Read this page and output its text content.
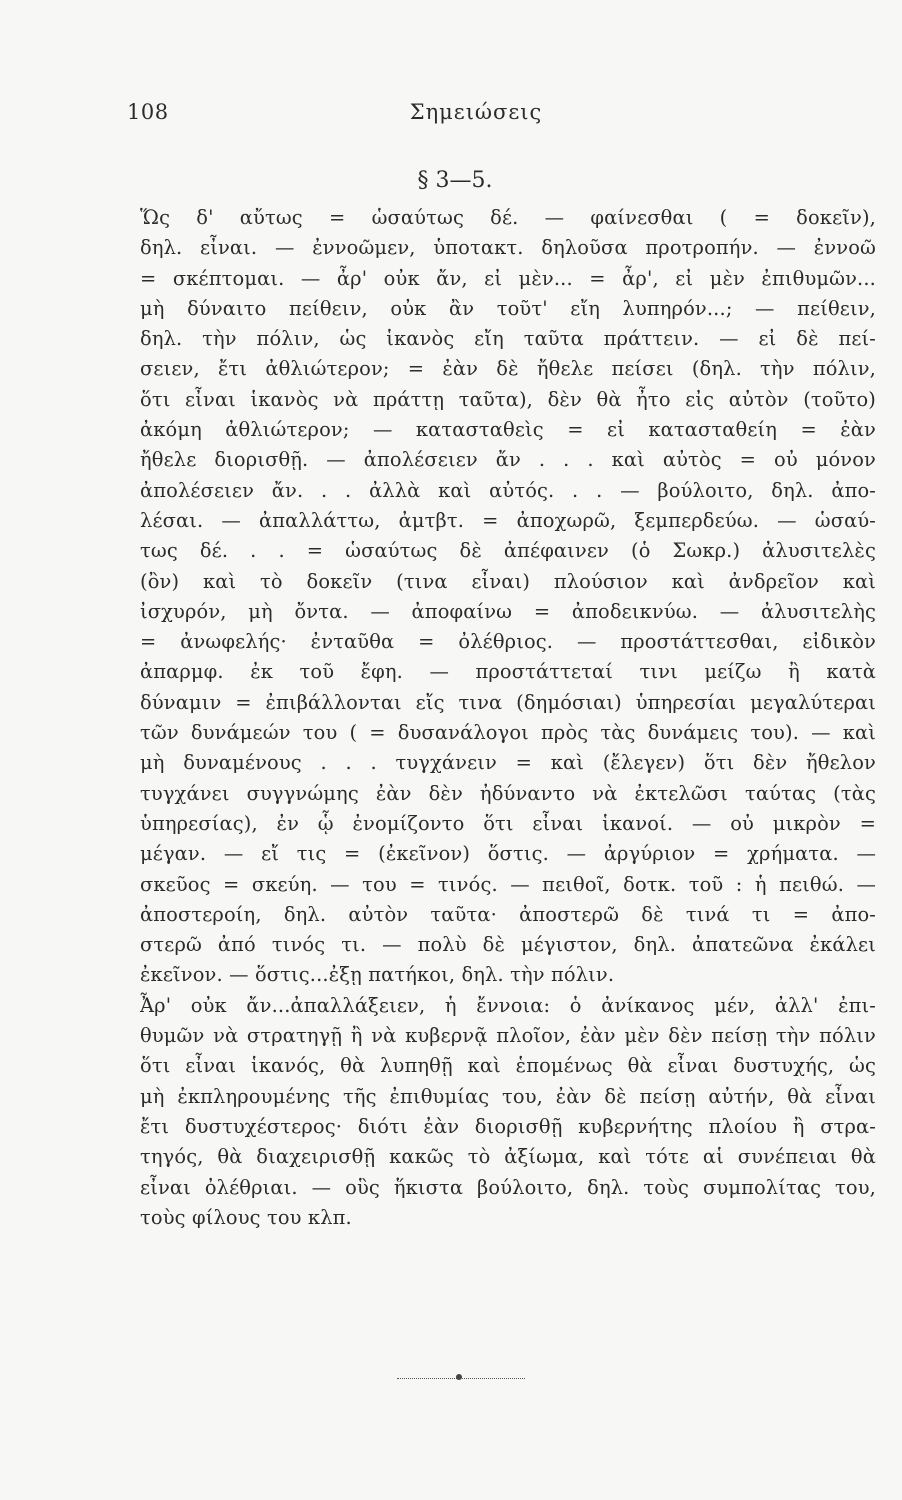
108	Σημειώσεις
§ 3—5.
Ὥς δ' αὔτως = ὡσαύτως δέ. — φαίνεσθαι ( = δοκεῖν),
δηλ. εἶναι. — ἐννοῶμεν, ὑποτακτ. δηλοῦσα προτροπήν. — ἐννοῶ
= σκέπτομαι. — ἆρ' οὐκ ἄν, εἰ μὲν... = ἆρ', εἰ μὲν ἐπιθυμῶν...
μὴ δύναιτο πείθειν, οὐκ ἂν τοῦτ' εἴη λυπηρόν...; — πείθειν,
δηλ. τὴν πόλιν, ὡς ἱκανὸς εἴη ταῦτα πράττειν. — εἰ δὲ πεί-
σειεν, ἔτι ἀθλιώτερον; = ἐὰν δὲ ἤθελε πείσει (δηλ. τὴν πόλιν,
ὅτι εἶναι ἱκανὸς νὰ πράττῃ ταῦτα), δὲν θὰ ἦτο εἰς αὐτὸν (τοῦτο)
ἀκόμη ἀθλιώτερον; — κατασταθεὶς = εἰ κατασταθείη = ἐὰν
ἤθελε διορισθῇ. — ἀπολέσειεν ἄν . . . καὶ αὐτὸς = οὐ μόνον
ἀπολέσειεν ἄν. . . ἀλλὰ καὶ αὐτός. . . — βούλοιτο, δηλ. ἀπο-
λέσαι. — ἀπαλλάττω, ἀμτβτ. = ἀποχωρῶ, ξεμπερδεύω. — ὡσαύ-
τως δέ. . . = ὡσαύτως δὲ ἀπέφαινεν (ὁ Σωκρ.) ἀλυσιτελὲς
(ὂν) καὶ τὸ δοκεῖν (τινα εἶναι) πλούσιον καὶ ἀνδρεῖον καὶ
ἰσχυρόν, μὴ ὄντα. — ἀποφαίνω = ἀποδεικνύω. — ἀλυσιτελὴς
= ἀνωφελής· ἐνταῦθα = ὀλέθριος. — προστάττεσθαι, εἰδικὸν
ἀπαρμφ. ἐκ τοῦ ἔφη. — προστάττεταί τινι μείζω ἢ κατὰ
δύναμιν = ἐπιβάλλονται εἴς τινα (δημόσιαι) ὑπηρεσίαι μεγαλύτεραι
τῶν δυνάμεών του ( = δυσανάλογοι πρὸς τὰς δυνάμεις του). — καὶ
μὴ δυναμένους . . . τυγχάνειν = καὶ (ἔλεγεν) ὅτι δὲν ἤθελον
τυγχάνει συγγνώμης ἐὰν δὲν ἠδύναντο νὰ ἐκτελῶσι ταύτας (τὰς
ὑπηρεσίας), ἐν ᾧ ἐνομίζοντο ὅτι εἶναι ἱκανοί. — οὐ μικρὸν =
μέγαν. — εἴ τις = (ἐκεῖνον) ὅστις. — ἀργύριον = χρήματα. —
σκεῦος = σκεύη. — του = τινός. — πειθοῖ, δοτκ. τοῦ : ἡ πειθώ. —
ἀποστεροίη, δηλ. αὐτὸν ταῦτα· ἀποστερῶ δὲ τινά τι = ἀπο-
στερῶ ἀπό τινός τι. — πολὺ δὲ μέγιστον, δηλ. ἀπατεῶνα ἐκάλει
ἐκεῖνον. — ὅστις...ἐξῃ πατήκοι, δηλ. τὴν πόλιν.
Ἆρ' οὐκ ἄν...ἀπαλλάξειεν, ἡ ἔννοια: ὁ ἀνίκανος μέν, ἀλλ' ἐπι-
θυμῶν νὰ στρατηγῇ ἢ νὰ κυβερνᾷ πλοῖον, ἐὰν μὲν δὲν πείσῃ τὴν πόλιν
ὅτι εἶναι ἱκανός, θὰ λυπηθῇ καὶ ἑπομένως θὰ εἶναι δυστυχής, ὡς
μὴ ἐκπληρουμένης τῆς ἐπιθυμίας του, ἐὰν δὲ πείσῃ αὐτήν, θὰ εἶναι
ἔτι δυστυχέστερος· διότι ἐὰν διορισθῇ κυβερνήτης πλοίου ἢ στρα-
τηγός, θὰ διαχειρισθῇ κακῶς τὸ ἀξίωμα, καὶ τότε αἱ συνέπειαι θὰ
εἶναι ὀλέθριαι. — οὓς ἥκιστα βούλοιτο, δηλ. τοὺς συμπολίτας του,
τοὺς φίλους του κλπ.
